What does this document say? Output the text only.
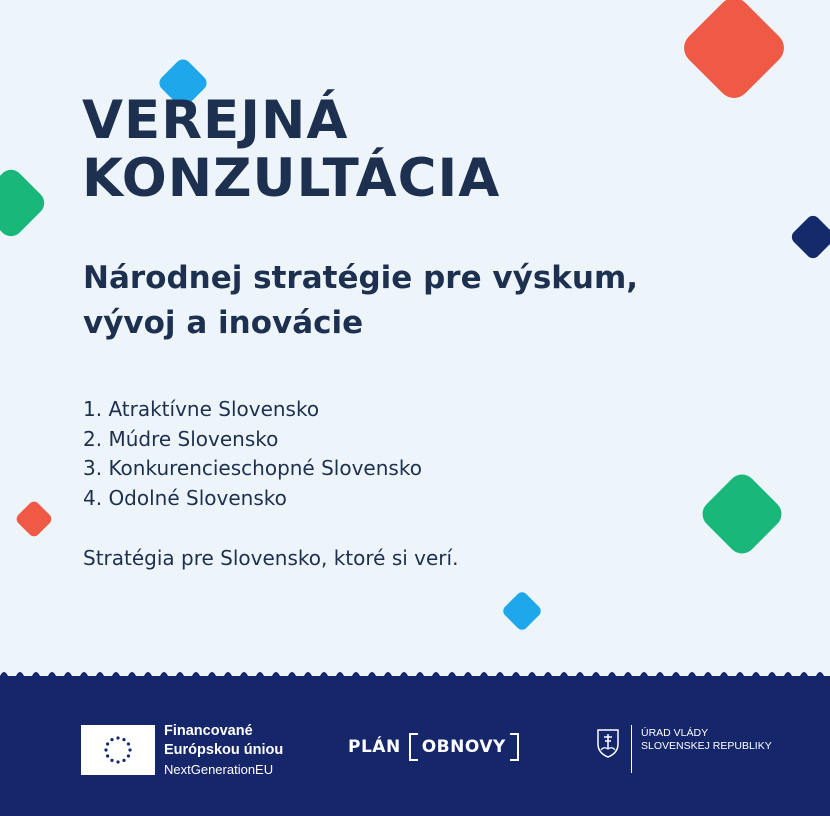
VEREJNÁ
KONZULTÁCIA
Národnej stratégie pre výskum,
vývoj a inovácie
1. Atraktívne Slovensko
2. Múdre Slovensko
3. Konkurencieschopné Slovensko
4. Odolné Slovensko

Stratégia pre Slovensko, ktoré si verí.

Financované
Európskou úniou
NextGenerationEU
PLÁN OBNOVY
ÚRAD VLÁDY
SLOVENSKEJ REPUBLIKY
